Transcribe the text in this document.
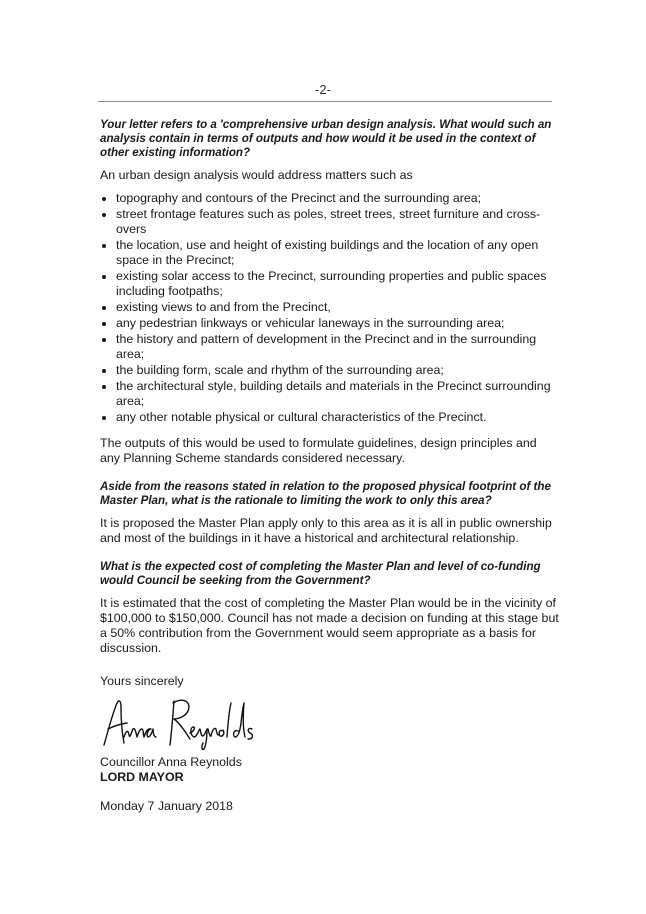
-2-

Your letter refers to a 'comprehensive urban design analysis. What would such an analysis contain in terms of outputs and how would it be used in the context of other existing information?

An urban design analysis would address matters such as

topography and contours of the Precinct and the surrounding area;
street frontage features such as poles, street trees, street furniture and cross-overs
the location, use and height of existing buildings and the location of any open space in the Precinct;
existing solar access to the Precinct, surrounding properties and public spaces including footpaths;
existing views to and from the Precinct,
any pedestrian linkways or vehicular laneways in the surrounding area;
the history and pattern of development in the Precinct and in the surrounding area;
the building form, scale and rhythm of the surrounding area;
the architectural style, building details and materials in the Precinct surrounding area;
any other notable physical or cultural characteristics of the Precinct.

The outputs of this would be used to formulate guidelines, design principles and any Planning Scheme standards considered necessary.

Aside from the reasons stated in relation to the proposed physical footprint of the Master Plan, what is the rationale to limiting the work to only this area?

It is proposed the Master Plan apply only to this area as it is all in public ownership and most of the buildings in it have a historical and architectural relationship.

What is the expected cost of completing the Master Plan and level of co-funding would Council be seeking from the Government?

It is estimated that the cost of completing the Master Plan would be in the vicinity of $100,000 to $150,000. Council has not made a decision on funding at this stage but a 50% contribution from the Government would seem appropriate as a basis for discussion.

Yours sincerely
Councillor Anna Reynolds
LORD MAYOR
Monday 7 January 2018
